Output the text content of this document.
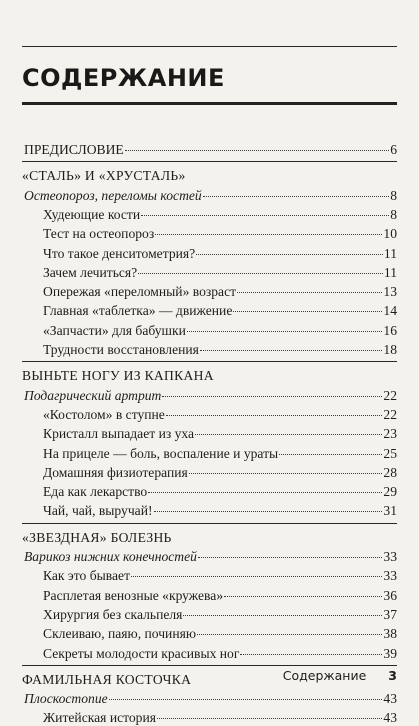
СОДЕРЖАНИЕ
ПРЕДИСЛОВИЕ	6
«СТАЛЬ» И «ХРУСТАЛЬ»
Остеопороз, переломы костей	8
Худеющие кости	8
Тест на остеопороз	10
Что такое денситометрия?	11
Зачем лечиться?	11
Опережая «переломный» возраст	13
Главная «таблетка» — движение	14
«Запчасти» для бабушки	16
Трудности восстановления	18
ВЫНЬТЕ НОГУ ИЗ КАПКАНА
Подагрический артрит	22
«Костолом» в ступне	22
Кристалл выпадает из уха	23
На прицеле — боль, воспаление и ураты	25
Домашняя физиотерапия	28
Еда как лекарство	29
Чай, чай, выручай!	31
«ЗВЕЗДНАЯ» БОЛЕЗНЬ
Варикоз нижних конечностей	33
Как это бывает	33
Расплетая венозные «кружева»	36
Хирургия без скальпеля	37
Склеиваю, паяю, починяю	38
Секреты молодости красивых ног	39
ФАМИЛЬНАЯ КОСТОЧКА
Плоскостопие	43
Житейская история	43
Содержание 3
